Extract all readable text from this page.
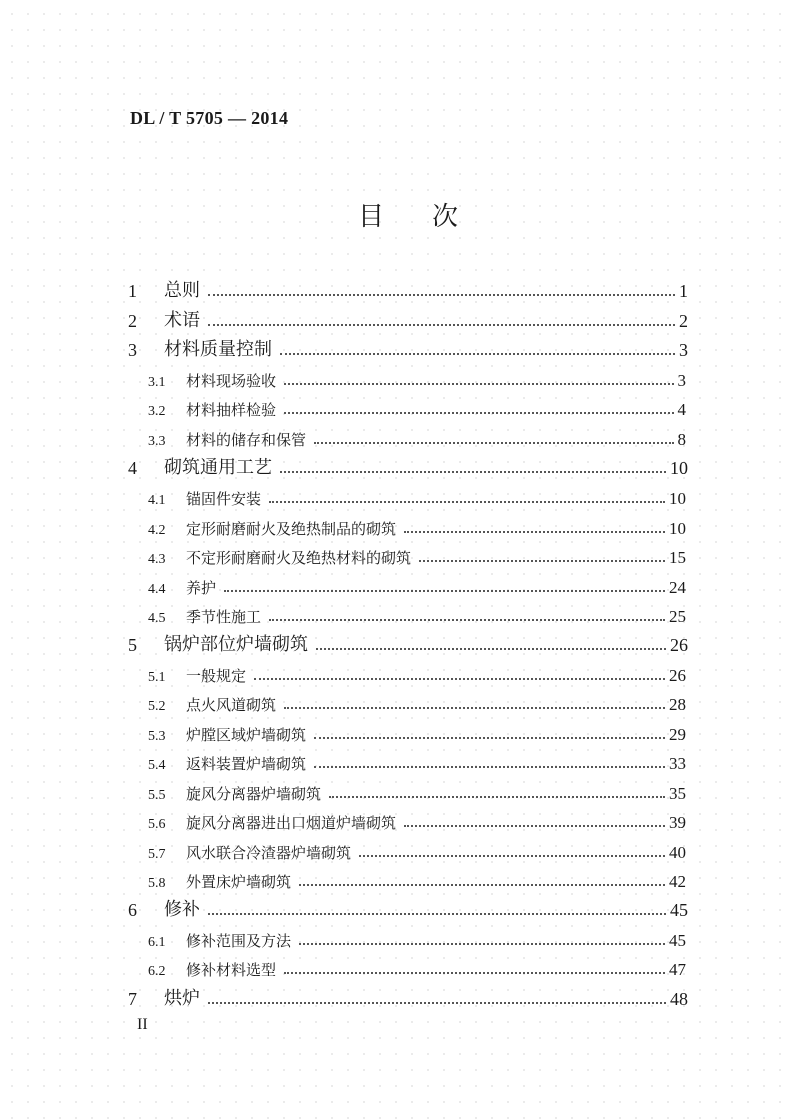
DL / T 5705 — 2014
目次
1	总则	1
2	术语	2
3	材料质量控制	3
3.1	材料现场验收	3
3.2	材料抽样检验	4
3.3	材料的储存和保管	8
4	砌筑通用工艺	10
4.1	锚固件安装	10
4.2	定形耐磨耐火及绝热制品的砌筑	10
4.3	不定形耐磨耐火及绝热材料的砌筑	15
4.4	养护	24
4.5	季节性施工	25
5	锅炉部位炉墙砌筑	26
5.1	一般规定	26
5.2	点火风道砌筑	28
5.3	炉膛区域炉墙砌筑	29
5.4	返料装置炉墙砌筑	33
5.5	旋风分离器炉墙砌筑	35
5.6	旋风分离器进出口烟道炉墙砌筑	39
5.7	风水联合冷渣器炉墙砌筑	40
5.8	外置床炉墙砌筑	42
6	修补	45
6.1	修补范围及方法	45
6.2	修补材料选型	47
7	烘炉	48
II
